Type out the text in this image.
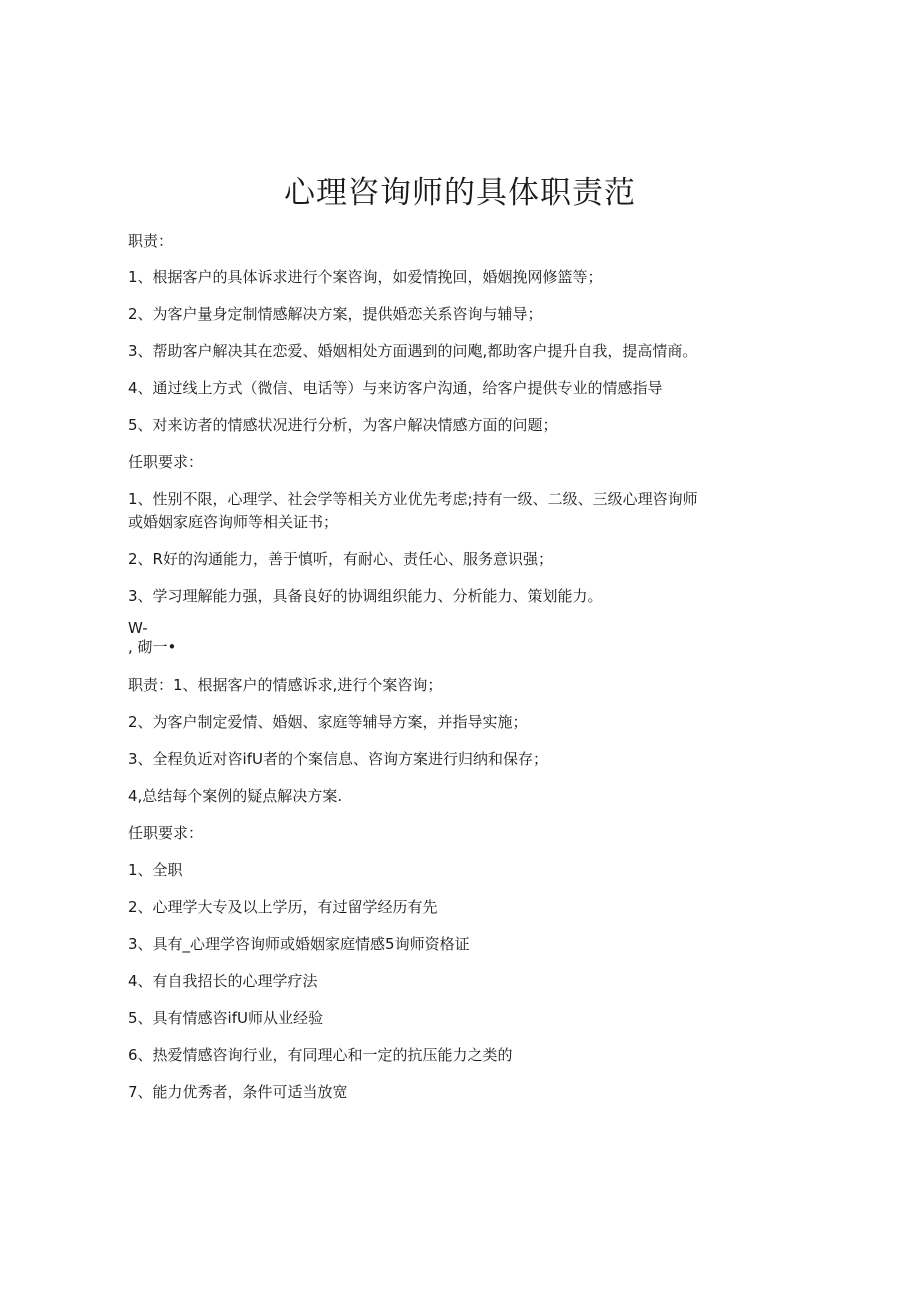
心理咨询师的具体职责范

职责：

1、根据客户的具体诉求进行个案咨询，如爱情挽回，婚姻挽网修篮等；

2、为客户量身定制情感解决方案，提供婚恋关系咨询与辅导；

3、帮助客户解决其在恋爱、婚姻相处方面遇到的问飑,都助客户提升自我，提高情商。

4、通过线上方式（微信、电话等）与来访客户沟通，给客户提供专业的情感指导

5、对来访者的情感状况进行分析，为客户解决情感方面的问题；

任职要求：

1、性别不限，心理学、社会学等相关方业优先考虑;持有一级、二级、三级心理咨询师

或婚姻家庭咨询师等相关证书；

2、R好的沟通能力，善于慎听，有耐心、责任心、服务意识强；

3、学习理解能力强，具备良好的协调组织能力、分析能力、策划能力。

W-

, 砌一•

职责：1、根据客户的情感诉求,进行个案咨询；

2、为客户制定爱情、婚姻、家庭等辅导方案，并指导实施；

3、全程负近对咨ifU者的个案信息、咨询方案进行归纳和保存；

4,总结每个案例的疑点解决方案.

任职要求：

1、全职

2、心理学大专及以上学历，有过留学经历有先

3、具有_心理学咨询师或婚姻家庭情感5询师资格证

4、有自我招长的心理学疗法

5、具有情感咨ifU师从业经验

6、热爱情感咨询行业，有同理心和一定的抗压能力之类的

7、能力优秀者，条件可适当放宽
